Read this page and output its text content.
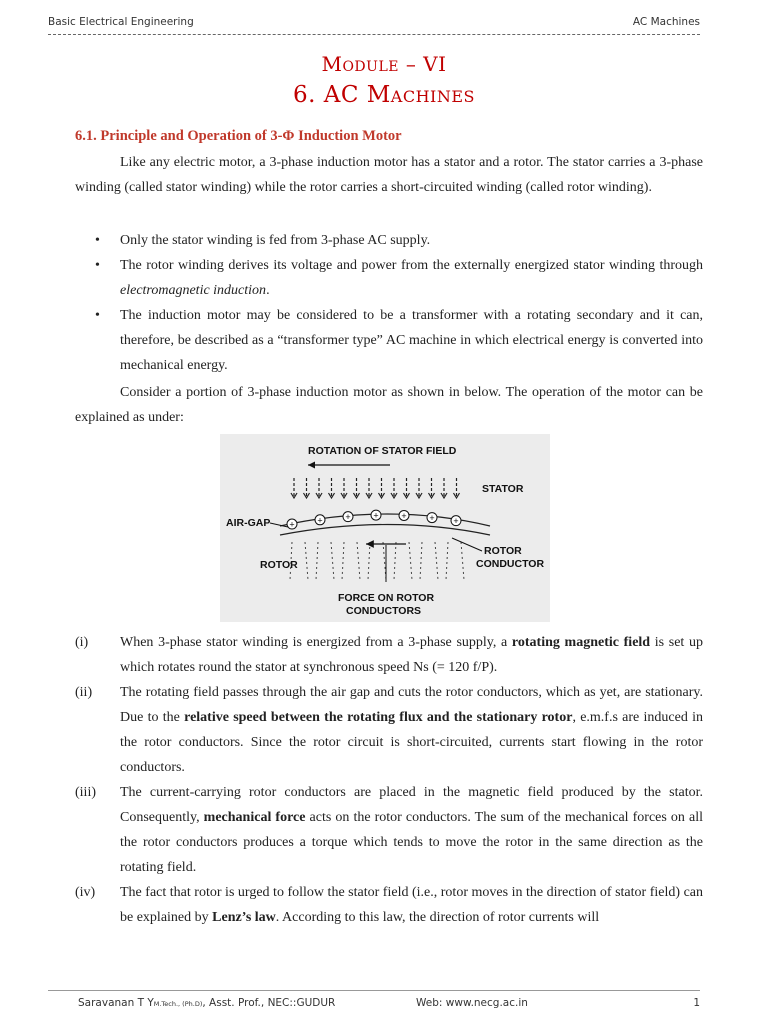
Basic Electrical Engineering	AC Machines
Module – VI
6. AC Machines
6.1. Principle and Operation of 3-Φ Induction Motor
Like any electric motor, a 3-phase induction motor has a stator and a rotor. The stator carries a 3-phase winding (called stator winding) while the rotor carries a short-circuited winding (called rotor winding).
• Only the stator winding is fed from 3-phase AC supply.
• The rotor winding derives its voltage and power from the externally energized stator winding through electromagnetic induction.
• The induction motor may be considered to be a transformer with a rotating secondary and it can, therefore, be described as a “transformer type” AC machine in which electrical energy is converted into mechanical energy.
Consider a portion of 3-phase induction motor as shown in below. The operation of the motor can be explained as under:
ROTATION OF STATOR FIELD
STATOR
AIR-GAP +	+	+	+	+	+ +
ROTOR
ROTOR
CONDUCTOR
FORCE ON ROTOR
CONDUCTORS
(i) When 3-phase stator winding is energized from a 3-phase supply, a rotating magnetic field is set up which rotates round the stator at synchronous speed Ns (= 120 f/P).
(ii) The rotating field passes through the air gap and cuts the rotor conductors, which as yet, are stationary. Due to the relative speed between the rotating flux and the stationary rotor, e.m.f.s are induced in the rotor conductors. Since the rotor circuit is short-circuited, currents start flowing in the rotor conductors.
(iii) The current-carrying rotor conductors are placed in the magnetic field produced by the stator. Consequently, mechanical force acts on the rotor conductors. The sum of the mechanical forces on all the rotor conductors produces a torque which tends to move the rotor in the same direction as the rotating field.
(iv) The fact that rotor is urged to follow the stator field (i.e., rotor moves in the direction of stator field) can be explained by Lenz’s law. According to this law, the direction of rotor currents will
Saravanan T YM.Tech., (Ph.D), Asst. Prof., NEC::GUDUR	Web: www.necg.ac.in	1
